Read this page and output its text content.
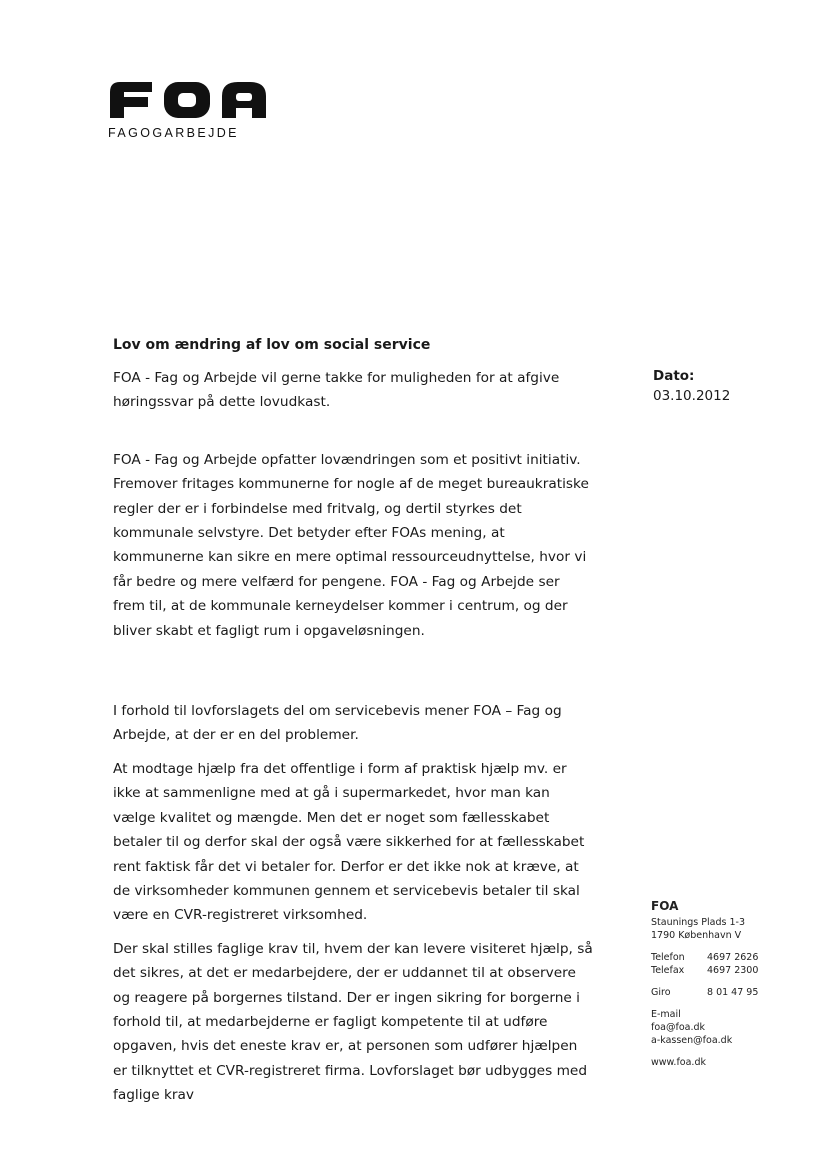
FAGOGARBEJDE
Lov om ændring af lov om social service

FOA - Fag og Arbejde vil gerne takke for muligheden for at afgive høringssvar på dette lovudkast.

FOA - Fag og Arbejde opfatter lovændringen som et positivt initiativ. Fremover fritages kommunerne for nogle af de meget bureaukratiske regler der er i forbindelse med fritvalg, og dertil styrkes det kommunale selvstyre. Det betyder efter FOAs mening, at kommunerne kan sikre en mere optimal ressourceudnyttelse, hvor vi får bedre og mere velfærd for pengene. FOA - Fag og Arbejde ser frem til, at de kommunale kerneydelser kommer i centrum, og der bliver skabt et fagligt rum i opgaveløsningen.

I forhold til lovforslagets del om servicebevis mener FOA – Fag og Arbejde, at der er en del problemer.

At modtage hjælp fra det offentlige i form af praktisk hjælp mv. er ikke at sammenligne med at gå i supermarkedet, hvor man kan vælge kvalitet og mængde. Men det er noget som fællesskabet betaler til og derfor skal der også være sikkerhed for at fællesskabet rent faktisk får det vi betaler for. Derfor er det ikke nok at kræve, at de virksomheder kommunen gennem et servicebevis betaler til skal være en CVR-registreret virksomhed.

Der skal stilles faglige krav til, hvem der kan levere visiteret hjælp, så det sikres, at det er medarbejdere, der er uddannet til at observere og reagere på borgernes tilstand. Der er ingen sikring for borgerne i forhold til, at medarbejderne er fagligt kompetente til at udføre opgaven, hvis det eneste krav er, at personen som udfører hjælpen er tilknyttet et CVR-registreret firma. Lovforslaget bør udbygges med faglige krav

Dato:
03.10.2012
FOA
Staunings Plads 1-3
1790 København V
Telefon	4697 2626
Telefax	4697 2300
Giro	8 01 47 95
E-mail
foa@foa.dk
a-kassen@foa.dk
www.foa.dk
